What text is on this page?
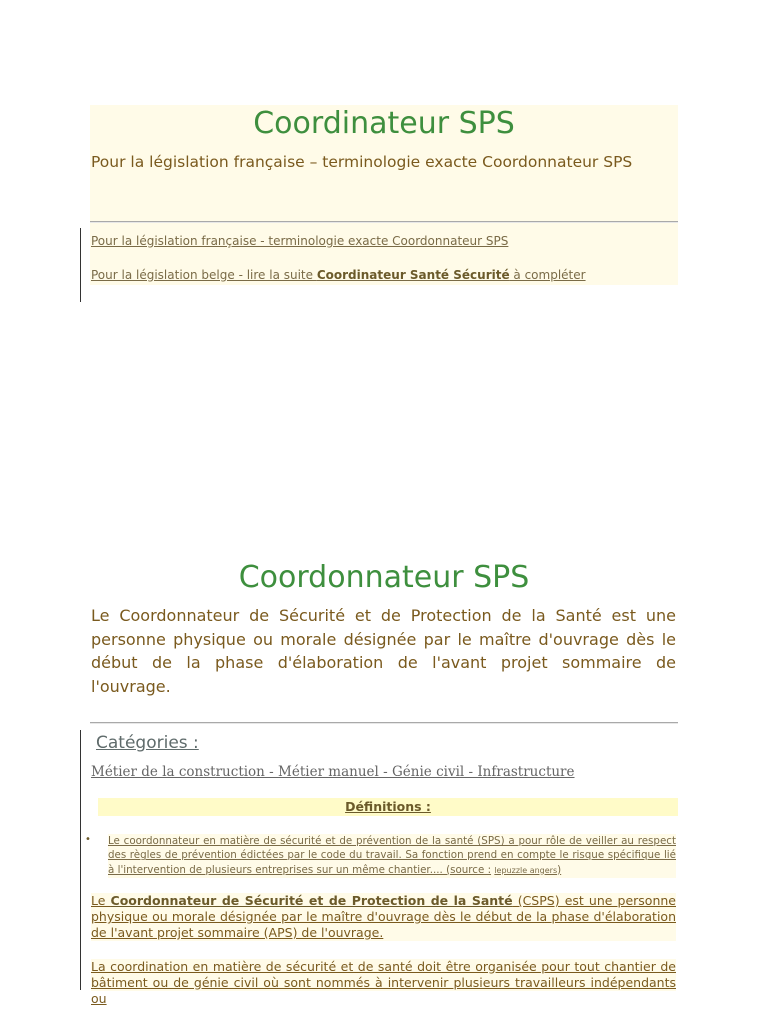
Coordinateur SPS
Pour la législation française – terminologie exacte Coordonnateur SPS
Pour la législation française - terminologie exacte Coordonnateur SPS
Pour la législation belge - lire la suite Coordinateur Santé Sécurité à compléter
Coordonnateur SPS
Le Coordonnateur de Sécurité et de Protection de la Santé est une personne physique ou morale désignée par le maître d'ouvrage dès le début de la phase d'élaboration de l'avant projet sommaire de l'ouvrage.
Catégories :
Métier de la construction - Métier manuel - Génie civil - Infrastructure
Définitions :
• Le coordonnateur en matière de sécurité et de prévention de la santé (SPS) a pour rôle de veiller au respect des règles de prévention édictées par le code du travail. Sa fonction prend en compte le risque spécifique lié à l'intervention de plusieurs entreprises sur un même chantier.... (source : lepuzzle angers)
Le Coordonnateur de Sécurité et de Protection de la Santé (CSPS) est une personne physique ou morale désignée par le maître d'ouvrage dès le début de la phase d'élaboration de l'avant projet sommaire (APS) de l'ouvrage.
La coordination en matière de sécurité et de santé doit être organisée pour tout chantier de bâtiment ou de génie civil où sont nommés à intervenir plusieurs travailleurs indépendants ou
